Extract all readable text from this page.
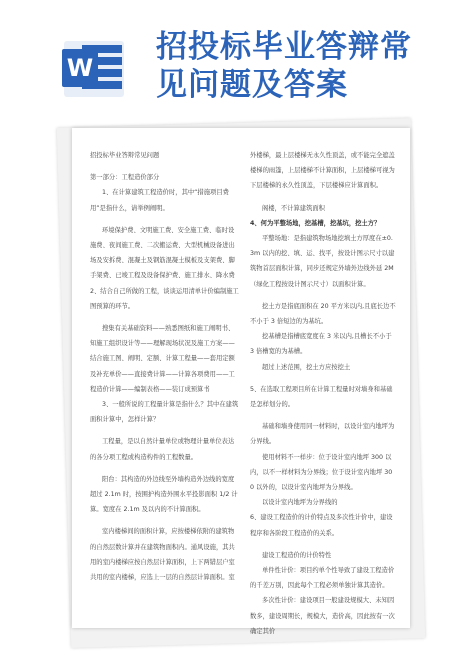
W
招投标毕业答辩常
见问题及答案

招投标毕业答辩常见问题

第一部分：工程造价部分

1、在计算建筑工程造价时，其中“措施项目费用”是指什么，请举例阐明。

环境保护费、文明施工费、安全施工费、临时设施费、夜间施工费、二次搬运费、大型机械设备进出场及安拆费、混凝土及钢筋混凝土模板及支架费、脚手架费、已竣工程及设备保护费、施工排水、降水费

2、结合自己所做的工程，谈谈运用清单计价编制施工图预算的环节。

搜集有关基础资料——熟悉图纸和施工阐明书、知施工组织设计等——理解现场状况及施工方案——结合施工图、阐明、定额、计算工程量——套用定额及补充单价——直接费计算——计算各项费用——工程造价计算——编制表格——装订成预算书

3、一般所说的工程量计算是指什么？其中在建筑面积计算中，怎样计算？

工程量，是以自然计量单位或物理计量单位表达的各分项工程或构造构件的工程数量。

阳台：其构造的外边线至外墙构造外边线的宽度超过 2.1m 时，按围护构造外围水平投影面积 1/2 计算。宽度在 2.1m 及以内的不计算面积。

室内楼梯间的面积计算，应按楼梯依附的建筑物的自然层数计算并在建筑物面积内。通风设施，其共用的室内楼梯应按自然层计算面积，上下两错层户室共用的室内楼梯，应选上一层的自然层计算面积。室

外楼梯，最上层楼梯无永久性顶盖，或不能完全遮盖楼梯的雨篷，上层楼梯不计算面积，上层楼梯可视为下层楼梯的永久性顶盖，下层楼梯应计算面积。

阁楼，不计算建筑面积

4、何为平整场地，挖基槽，挖基坑，挖土方？

平整场地：是指建筑物场地挖填土方厚度在±0.3m 以内的挖、填、运、找平，按设计图示尺寸以建筑物首层面积计算，同步还规定外墙外边线外延 2M（绿化工程按设计图示尺寸）以面积计算。

挖土方是指底面积在 20 平方米以内,且底长边不不小于 3 倍短边的为基坑。

挖基槽是指槽底宽度在 3 米以内,且槽长不小于 3 倍槽宽的为基槽。

超过上述范围，挖土方应按挖土

5、在选取工程项目所在计算工程量时对墙身和基础是怎样划分的。

基础和墙身使用同一材料时，以设计室内地坪为分界线。

使用材料不一样步：位于设计室内地坪 300 以内，以不一样材料为分界线；位于设计室内地坪 300 以外的，以设计室内地坪为分界线。

以设计室内地坪为分界线的

6、建设工程造价的计价特点及多次性计价中，建设程序和各阶段工程造价的关系。

建设工程造价的计价特性

单件性计价：项目约单个性导致了建设工程造价的千差万别，因此每个工程必须单独计算其造价。

多次性计价：建设项目一般建设规模大、未知因数多，建设周期长，规模大，造价高，因此按有一次确定其价
